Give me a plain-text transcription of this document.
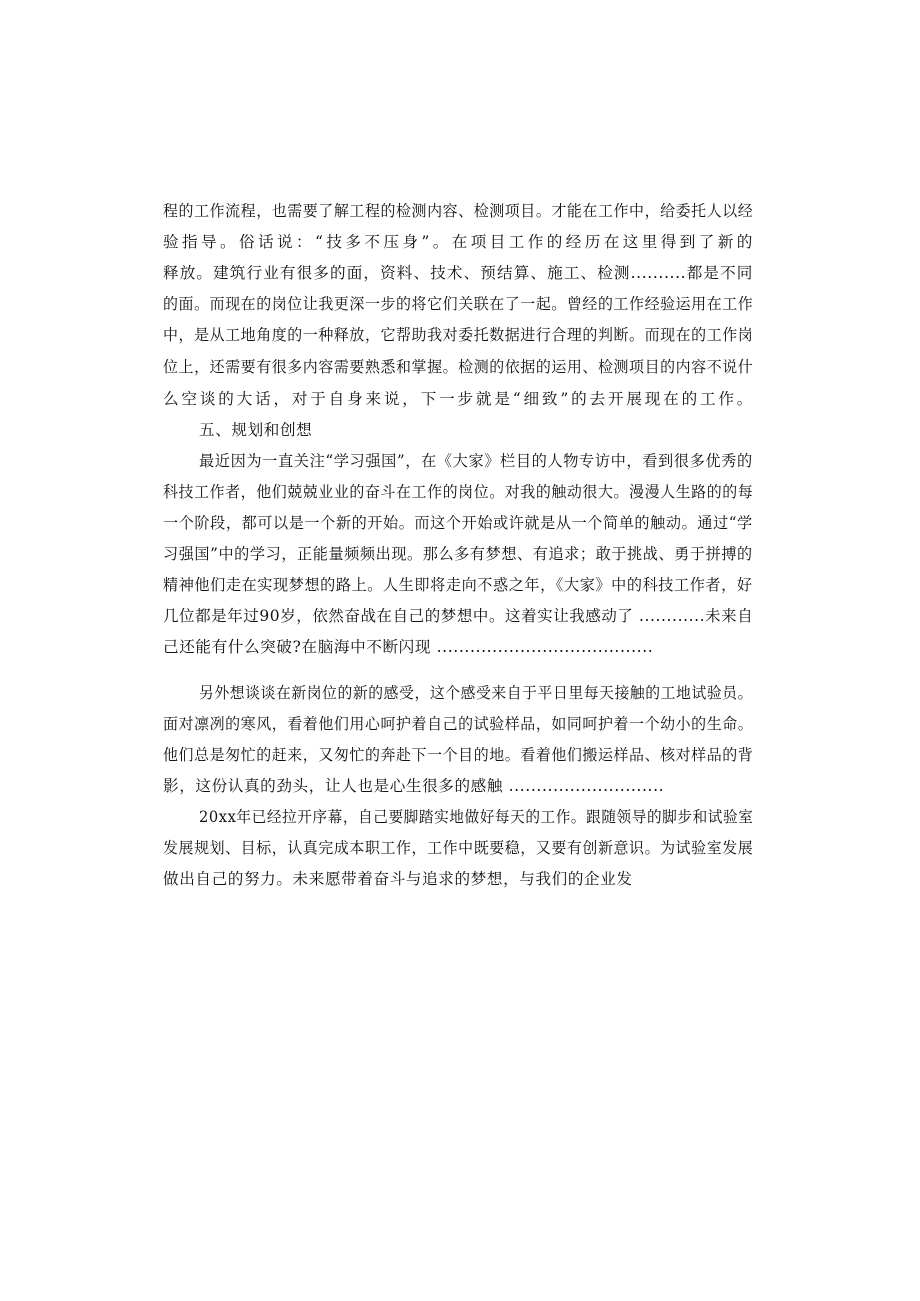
程的工作流程，也需要了解工程的检测内容、检测项目。才能在工作中，给委托人以经
验指导。俗话说：“技多不压身”。在项目工作的经历在这里得到了新的
释放。建筑行业有很多的面，资料、技术、预结算、施工、检测..........都是不同
的面。而现在的岗位让我更深一步的将它们关联在了一起。曾经的工作经验运用在工作
中，是从工地角度的一种释放，它帮助我对委托数据进行合理的判断。而现在的工作岗
位上，还需要有很多内容需要熟悉和掌握。检测的依据的运用、检测项目的内容不说什
么空谈的大话，对于自身来说，下一步就是“细致”的去开展现在的工作。
五、规划和创想
最近因为一直关注“学习强国”，在《大家》栏目的人物专访中，看到很多优秀的
科技工作者，他们兢兢业业的奋斗在工作的岗位。对我的触动很大。漫漫人生路的的每
一个阶段，都可以是一个新的开始。而这个开始或许就是从一个简单的触动。通过“学
习强国”中的学习，正能量频频出现。那么多有梦想、有追求；敢于挑战、勇于拼搏的
精神他们走在实现梦想的路上。人生即将走向不惑之年，《大家》中的科技工作者，好
几位都是年过90岁，依然奋战在自己的梦想中。这着实让我感动了 ............未来自
己还能有什么突破?在脑海中不断闪现 .......................................
另外想谈谈在新岗位的新的感受，这个感受来自于平日里每天接触的工地试验员。
面对凛冽的寒风，看着他们用心呵护着自己的试验样品，如同呵护着一个幼小的生命。
他们总是匆忙的赶来，又匆忙的奔赴下一个目的地。看着他们搬运样品、核对样品的背
影，这份认真的劲头，让人也是心生很多的感触 ............................
20xx年已经拉开序幕，自己要脚踏实地做好每天的工作。跟随领导的脚步和试验室
发展规划、目标，认真完成本职工作，工作中既要稳，又要有创新意识。为试验室发展
做出自己的努力。未来愿带着奋斗与追求的梦想，与我们的企业发
